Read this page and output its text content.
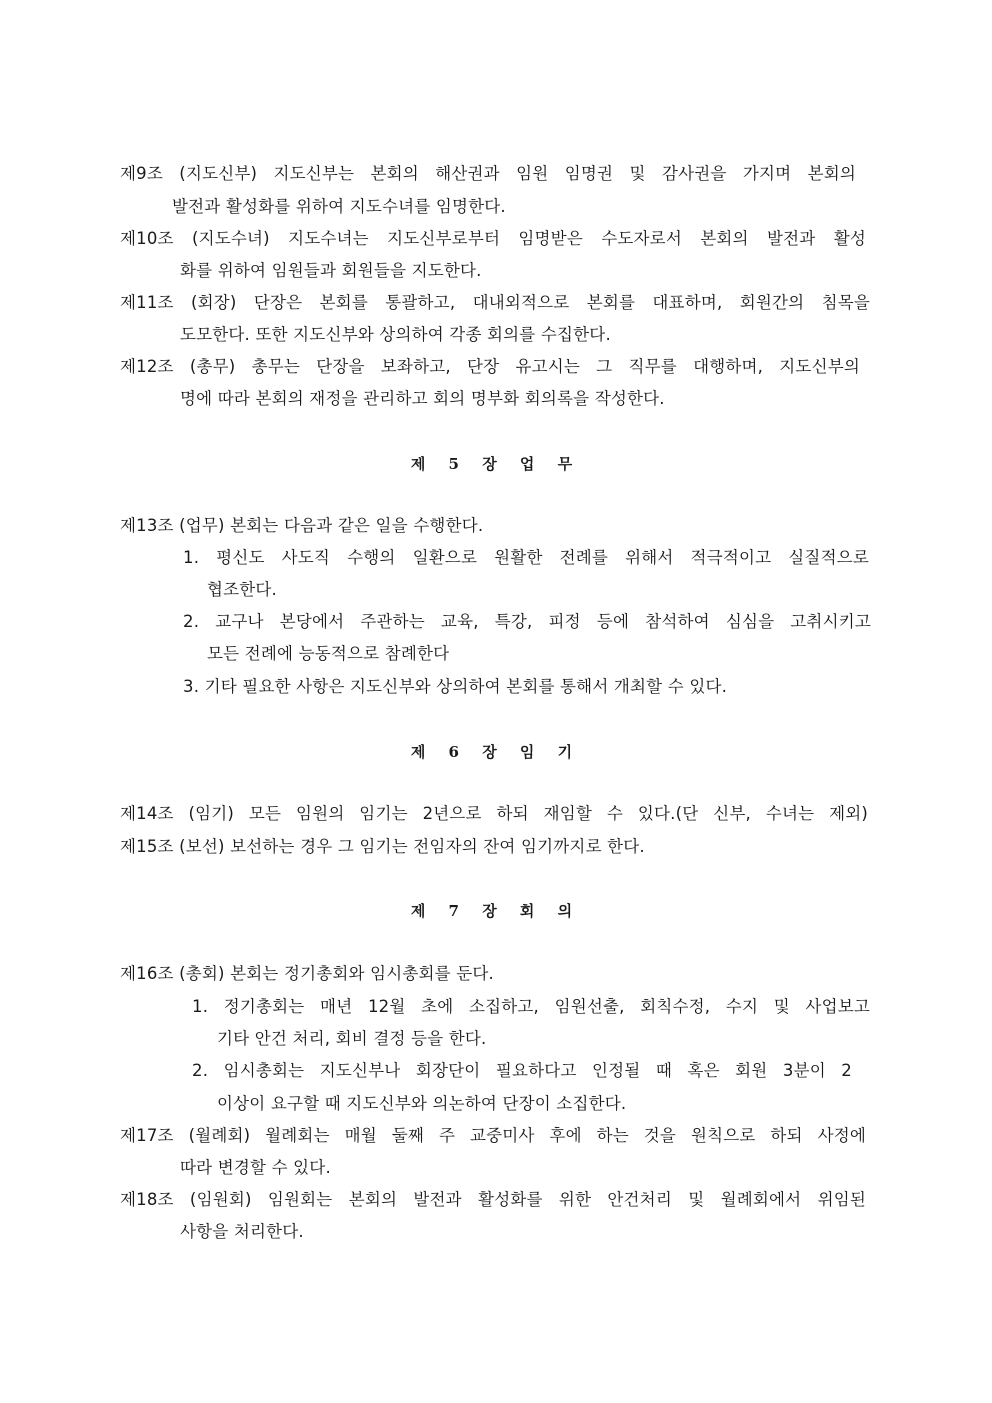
제9조 (지도신부) 지도신부는 본회의 해산권과 임원 임명권 및 감사권을 가지며 본회의
발전과 활성화를 위하여 지도수녀를 임명한다.
제10조 (지도수녀) 지도수녀는 지도신부로부터 임명받은 수도자로서 본회의 발전과 활성
화를 위하여 임원들과 회원들을 지도한다.
제11조 (회장) 단장은 본회를 통괄하고, 대내외적으로 본회를 대표하며, 회원간의 침목을
도모한다. 또한 지도신부와 상의하여 각종 회의를 수집한다.
제12조 (총무) 총무는 단장을 보좌하고, 단장 유고시는 그 직무를 대행하며, 지도신부의
명에 따라 본회의 재정을 관리하고 회의 명부화 회의록을 작성한다.
제 5 장 업 무
제13조 (업무) 본회는 다음과 같은 일을 수행한다.
1. 평신도 사도직 수행의 일환으로 원활한 전례를 위해서 적극적이고 실질적으로
협조한다.
2. 교구나 본당에서 주관하는 교육, 특강, 피정 등에 참석하여 심심을 고취시키고
모든 전례에 능동적으로 참례한다
3. 기타 필요한 사항은 지도신부와 상의하여 본회를 통해서 개최할 수 있다.
제 6 장 임 기
제14조 (임기) 모든 임원의 임기는 2년으로 하되 재임할 수 있다.(단 신부, 수녀는 제외)
제15조 (보선) 보선하는 경우 그 임기는 전임자의 잔여 임기까지로 한다.
제 7 장 회 의
제16조 (총회) 본회는 정기총회와 임시총회를 둔다.
1. 정기총회는 매년 12월 초에 소집하고, 임원선출, 회칙수정, 수지 및 사업보고
기타 안건 처리, 회비 결정 등을 한다.
2. 임시총회는 지도신부나 회장단이 필요하다고 인정될 때 혹은 회원 3분이 2
이상이 요구할 때 지도신부와 의논하여 단장이 소집한다.
제17조 (월례회) 월례회는 매월 둘째 주 교중미사 후에 하는 것을 원칙으로 하되 사정에
따라 변경할 수 있다.
제18조 (임원회) 임원회는 본회의 발전과 활성화를 위한 안건처리 및 월례회에서 위임된
사항을 처리한다.
